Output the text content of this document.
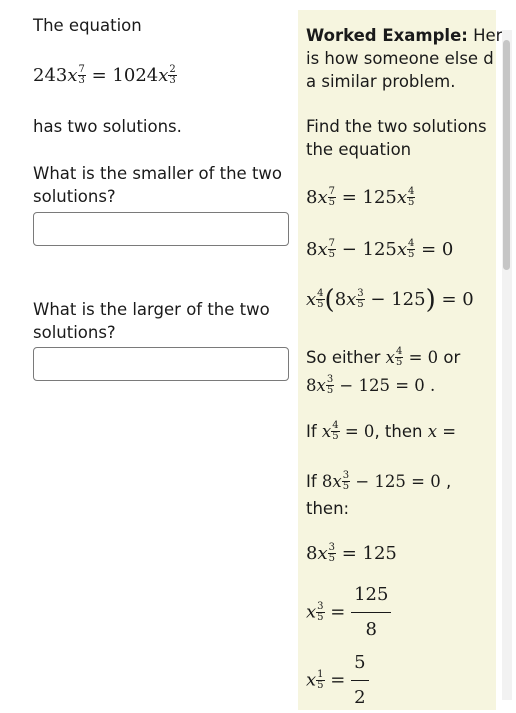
The equation
$243x \frac{7}{3} = 1024x \frac{2}{3}$
has two solutions.
What is the smaller of the two
solutions?
What is the larger of the two
solutions?
Worked Example: Her
is how someone else d
a similar problem.
Find the two solutions
the equation
$8x \frac{7}{5} = 125x \frac{4}{5}$
$8x \frac{7}{5} - 125x \frac{4}{5} = 0$
x $\frac{4}{5} (8x \frac{3}{5} - 125) = 0$
So either x $\frac{4}{5} = 0$ or
$8x \frac{3}{5} - 125 = 0$ .
If x $\frac{4}{5} = 0$, then x =
If $8x \frac{3}{5} - 125 = 0$ ,
then:
$8x \frac{3}{5} = 125$
x $\frac{3}{5} = \frac{125}{8}$
x $\frac{1}{5} = \frac{5}{2}$
